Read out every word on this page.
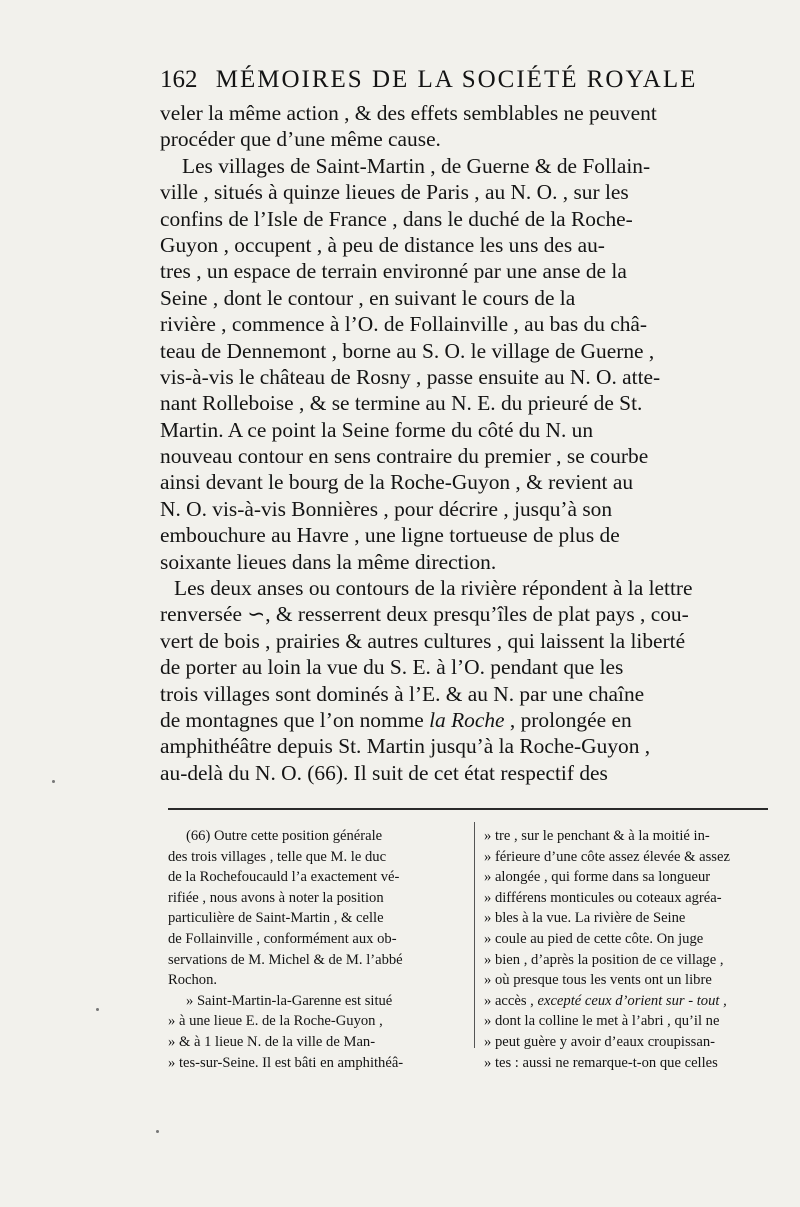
162 MÉMOIRES DE LA SOCIÉTÉ ROYALE
veler la même action , & des effets semblables ne peuvent
procéder que d’une même cause.
Les villages de Saint-Martin , de Guerne & de Follain-
ville , situés à quinze lieues de Paris , au N. O. , sur les
confins de l’Isle de France , dans le duché de la Roche-
Guyon , occupent , à peu de distance les uns des au-
tres , un espace de terrain environné par une anse de la
Seine , dont le contour , en suivant le cours de la
rivière , commence à l’O. de Follainville , au bas du châ-
teau de Dennemont , borne au S. O. le village de Guerne ,
vis-à-vis le château de Rosny , passe ensuite au N. O. atte-
nant Rolleboise , & se termine au N. E. du prieuré de St.
Martin. A ce point la Seine forme du côté du N. un
nouveau contour en sens contraire du premier , se courbe
ainsi devant le bourg de la Roche-Guyon , & revient au
N. O. vis-à-vis Bonnières , pour décrire , jusqu’à son
embouchure au Havre , une ligne tortueuse de plus de
soixante lieues dans la même direction.
Les deux anses ou contours de la rivière répondent à la lettre
renversée ∽, & resserrent deux presqu’îles de plat pays , cou-
vert de bois , prairies & autres cultures , qui laissent la liberté
de porter au loin la vue du S. E. à l’O. pendant que les
trois villages sont dominés à l’E. & au N. par une chaîne
de montagnes que l’on nomme la Roche , prolongée en
amphithéâtre depuis St. Martin jusqu’à la Roche-Guyon ,
au-delà du N. O. (66). Il suit de cet état respectif des
(66) Outre cette position générale
des trois villages , telle que M. le duc
de la Rochefoucauld l’a exactement vé-
rifiée , nous avons à noter la position
particulière de Saint-Martin , & celle
de Follainville , conformément aux ob-
servations de M. Michel & de M. l’abbé
Rochon.
» Saint-Martin-la-Garenne est situé
» à une lieue E. de la Roche-Guyon ,
» & à 1 lieue N. de la ville de Man-
» tes-sur-Seine. Il est bâti en amphithéâ-
» tre , sur le penchant & à la moitié in-
» férieure d’une côte assez élevée & assez
» alongée , qui forme dans sa longueur
» différens monticules ou coteaux agréa-
» bles à la vue. La rivière de Seine
» coule au pied de cette côte. On juge
» bien , d’après la position de ce village ,
» où presque tous les vents ont un libre
» accès , excepté ceux d’orient sur - tout ,
» dont la colline le met à l’abri , qu’il ne
» peut guère y avoir d’eaux croupissan-
» tes : aussi ne remarque-t-on que celles
